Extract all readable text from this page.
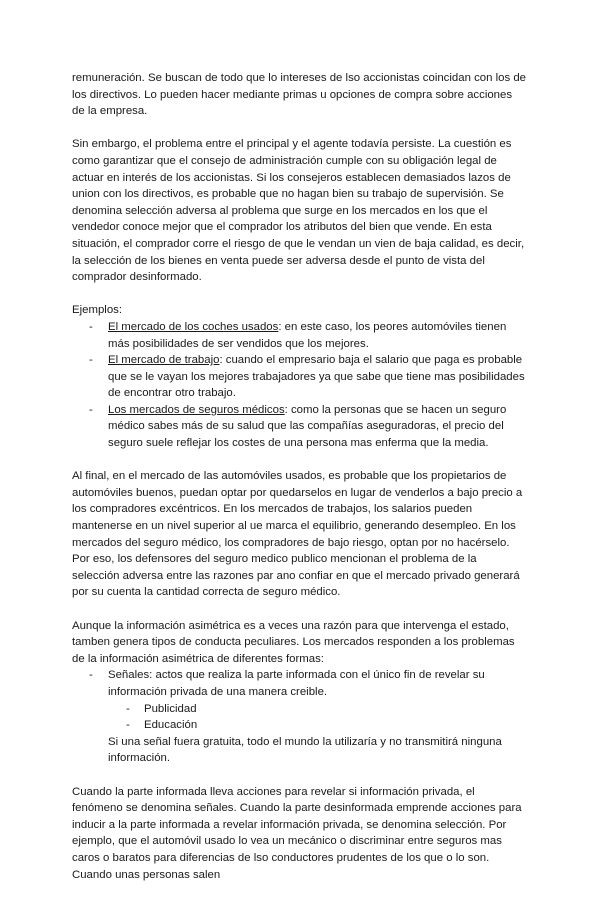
remuneración. Se buscan de todo que lo intereses de lso accionistas coincidan con los de los directivos. Lo pueden hacer mediante primas u opciones de compra sobre acciones de la empresa.

Sin embargo, el problema entre el principal y el agente todavía persiste. La cuestión es como garantizar que el consejo de administración cumple con su obligación legal de actuar en interés de los accionistas. Si los consejeros establecen demasiados lazos de union con los directivos, es probable que no hagan bien su trabajo de supervisión. Se denomina selección adversa al problema que surge en los mercados en los que el vendedor conoce mejor que el comprador los atributos del bien que vende. En esta situación, el comprador corre el riesgo de que le vendan un vien de baja calidad, es decir, la selección de los bienes en venta puede ser adversa desde el punto de vista del comprador desinformado.

Ejemplos:

- El mercado de los coches usados: en este caso, los peores automóviles tienen más posibilidades de ser vendidos que los mejores.
- El mercado de trabajo: cuando el empresario baja el salario que paga es probable que se le vayan los mejores trabajadores ya que sabe que tiene mas posibilidades de encontrar otro trabajo.
- Los mercados de seguros médicos: como la personas que se hacen un seguro médico sabes más de su salud que las compañías aseguradoras, el precio del seguro suele reflejar los costes de una persona mas enferma que la media.

Al final, en el mercado de las automóviles usados, es probable que los propietarios de automóviles buenos, puedan optar por quedarselos en lugar de venderlos a bajo precio a los compradores excéntricos. En los mercados de trabajos, los salarios pueden mantenerse en un nivel superior al ue marca el equilibrio, generando desempleo. En los mercados del seguro médico, los compradores de bajo riesgo, optan por no hacérselo. Por eso, los defensores del seguro medico publico mencionan el problema de la selección adversa entre las razones par ano confiar en que el mercado privado generará por su cuenta la cantidad correcta de seguro médico.

Aunque la información asimétrica es a veces una razón para que intervenga el estado, tamben genera tipos de conducta peculiares. Los mercados responden a los problemas de la información asimétrica de diferentes formas:

- Señales: actos que realiza la parte informada con el único fin de revelar su información privada de una manera creible.
- Publicidad
- Educación
Si una señal fuera gratuita, todo el mundo la utilizaría y no transmitirá ninguna información.

Cuando la parte informada lleva acciones para revelar si información privada, el fenómeno se denomina señales. Cuando la parte desinformada emprende acciones para inducir a la parte informada a revelar información privada, se denomina selección. Por ejemplo, que el automóvil usado lo vea un mecánico o discriminar entre seguros mas caros o baratos para diferencias de lso conductores prudentes de los que o lo son. Cuando unas personas salen
